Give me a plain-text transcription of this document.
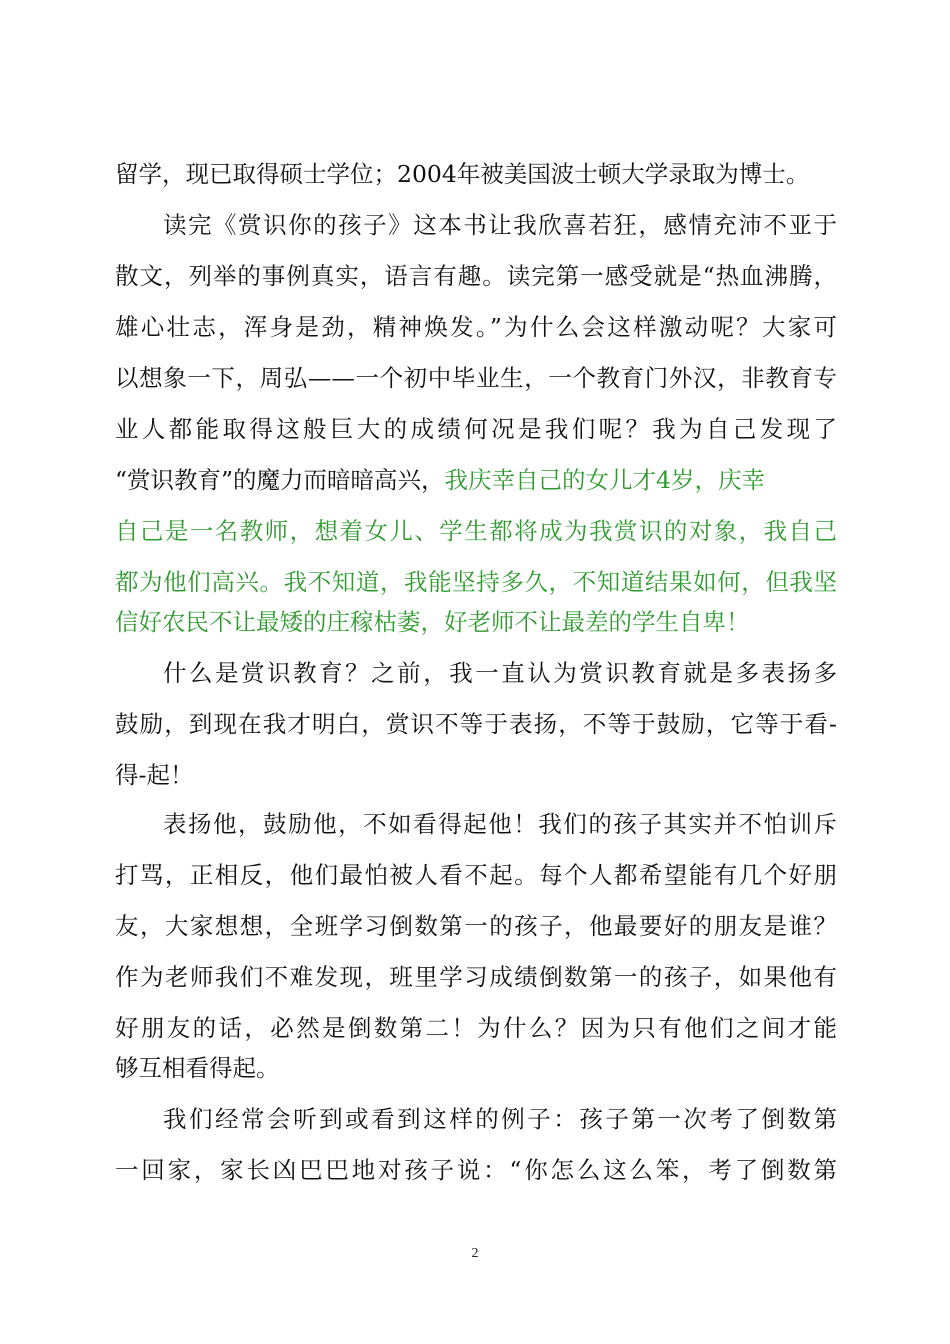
留学，现已取得硕士学位；2004年被美国波士顿大学录取为博士。
读完《赏识你的孩子》这本书让我欣喜若狂，感情充沛不亚于
散文，列举的事例真实，语言有趣。读完第一感受就是“热血沸腾，
雄心壮志，浑身是劲，精神焕发。”为什么会这样激动呢？大家可
以想象一下，周弘——一个初中毕业生，一个教育门外汉，非教育专
业人都能取得这般巨大的成绩何况是我们呢？我为自己发现了
“赏识教育”的魔力而暗暗高兴，我庆幸自己的女儿才4岁，庆幸
自己是一名教师，想着女儿、学生都将成为我赏识的对象，我自己
都为他们高兴。我不知道，我能坚持多久，不知道结果如何，但我坚
信好农民不让最矮的庄稼枯萎，好老师不让最差的学生自卑！
什么是赏识教育？之前，我一直认为赏识教育就是多表扬多
鼓励，到现在我才明白，赏识不等于表扬，不等于鼓励，它等于看-
得-起！
表扬他，鼓励他，不如看得起他！我们的孩子其实并不怕训斥
打骂，正相反，他们最怕被人看不起。每个人都希望能有几个好朋
友，大家想想，全班学习倒数第一的孩子，他最要好的朋友是谁？
作为老师我们不难发现，班里学习成绩倒数第一的孩子，如果他有
好朋友的话，必然是倒数第二！为什么？因为只有他们之间才能
够互相看得起。
我们经常会听到或看到这样的例子：孩子第一次考了倒数第
一回家，家长凶巴巴地对孩子说：“你怎么这么笨，考了倒数第
2
